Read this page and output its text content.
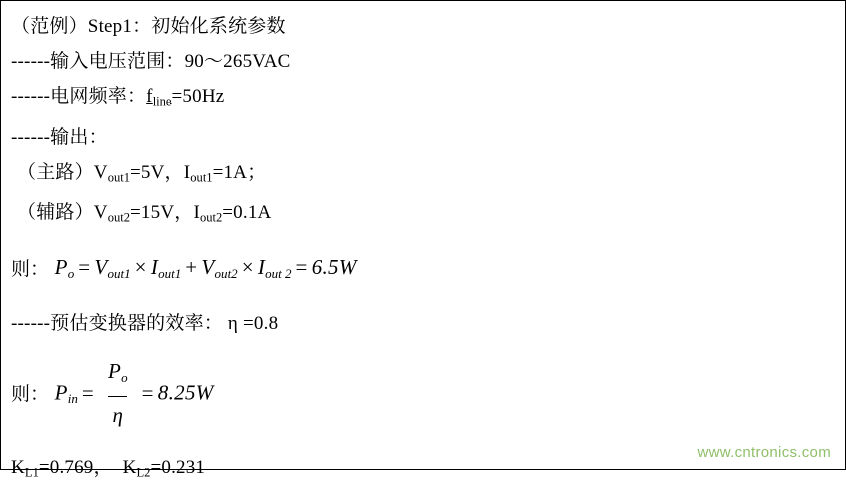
（范例）Step1：初始化系统参数
------输入电压范围：90～265VAC
------电网频率：$f_{line}=50Hz$
------输出：
（主路）$V_{out1}=5V$，$I_{out1}=1A$；
（辅路）$V_{out2}=15V$，$I_{out2}=0.1A$
则： $P_o = V_{out1} \times I_{out1} + V_{out2} \times I_{out 2} = 6.5W$
------预估变换器的效率： η =0.8
则： $P_{in} = \frac{P_o}{\eta} = 8.25W$
$K_{L1}=0.769$，  $K_{L2}=0.231$
www.cntronics.com
